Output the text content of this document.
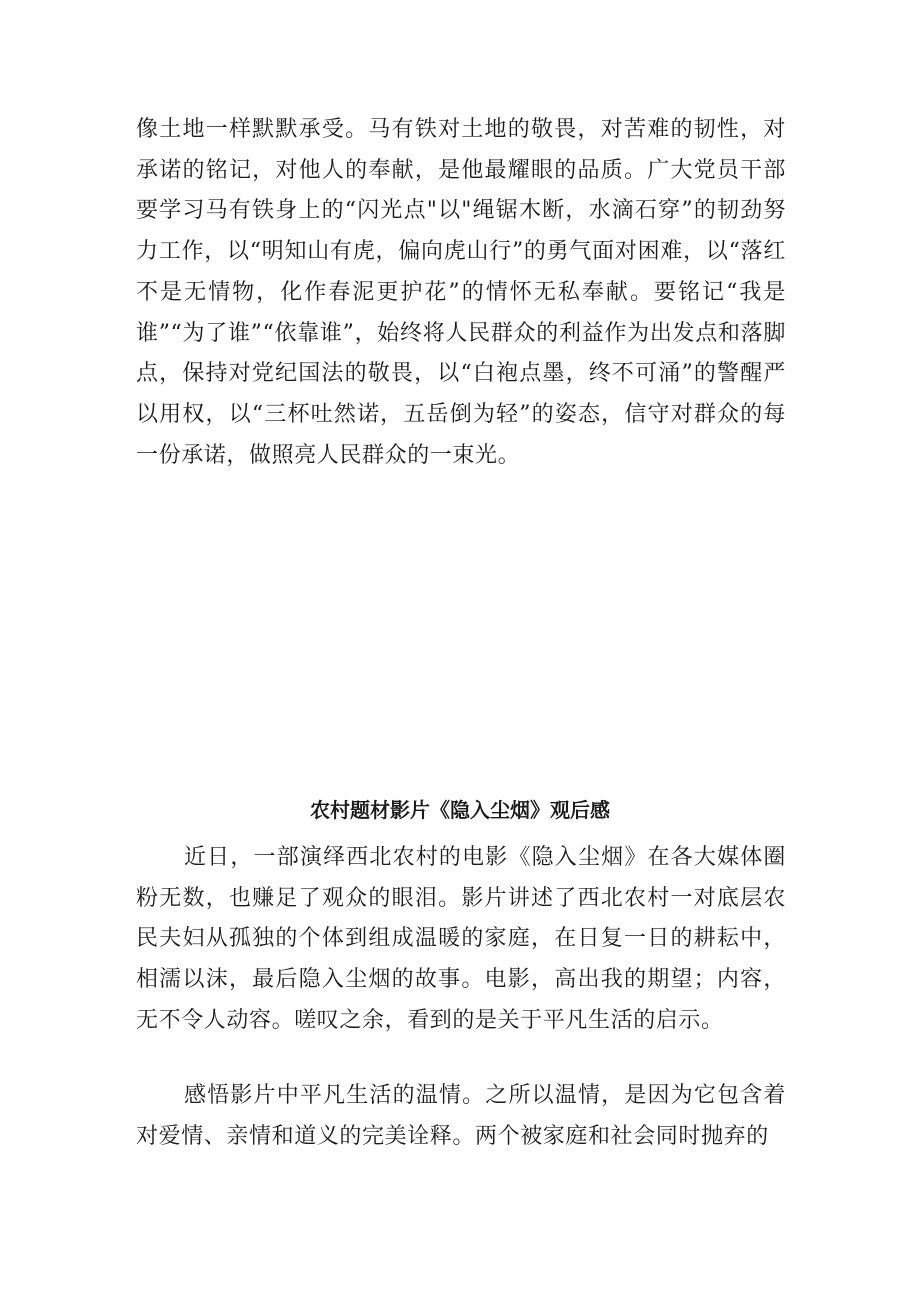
像土地一样默默承受。马有铁对土地的敬畏，对苦难的韧性，对承诺的铭记，对他人的奉献，是他最耀眼的品质。广大党员干部要学习马有铁身上的“闪光点"以"绳锯木断，水滴石穿”的韧劲努力工作，以“明知山有虎，偏向虎山行”的勇气面对困难，以“落红不是无情物，化作春泥更护花”的情怀无私奉献。要铭记“我是谁”“为了谁”“依靠谁”，始终将人民群众的利益作为出发点和落脚点，保持对党纪国法的敬畏，以“白袍点墨，终不可涌”的警醒严以用权，以“三杯吐然诺，五岳倒为轻”的姿态，信守对群众的每一份承诺，做照亮人民群众的一束光。

农村题材影片《隐入尘烟》观后感

近日，一部演绎西北农村的电影《隐入尘烟》在各大媒体圈粉无数，也赚足了观众的眼泪。影片讲述了西北农村一对底层农民夫妇从孤独的个体到组成温暖的家庭，在日复一日的耕耘中，相濡以沫，最后隐入尘烟的故事。电影，高出我的期望；内容，无不令人动容。嗟叹之余，看到的是关于平凡生活的启示。

感悟影片中平凡生活的温情。之所以温情，是因为它包含着对爱情、亲情和道义的完美诠释。两个被家庭和社会同时抛弃的
